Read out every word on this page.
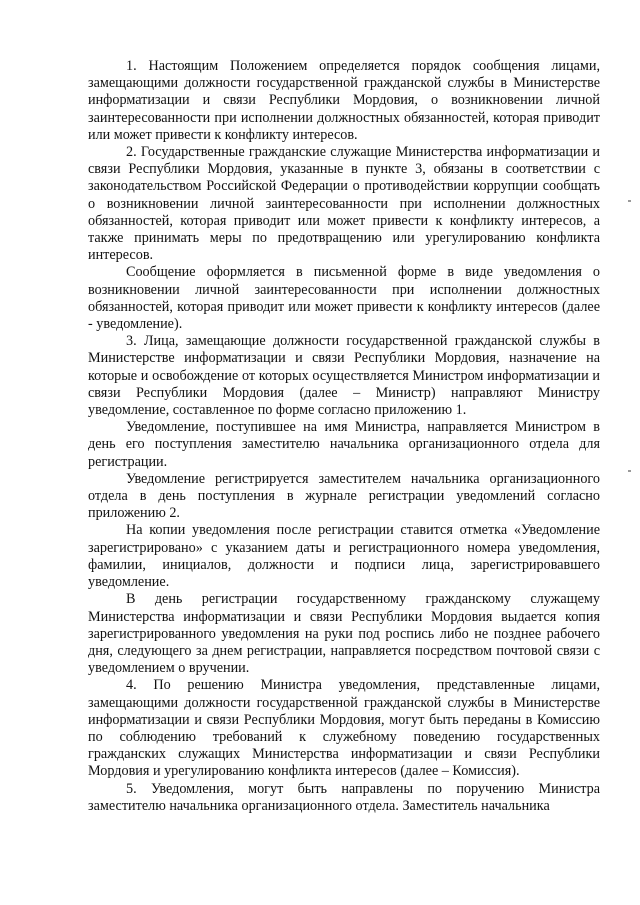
1. Настоящим Положением определяется порядок сообщения лицами, замещающими должности государственной гражданской службы в Министерстве информатизации и связи Республики Мордовия, о возникновении личной заинтересованности при исполнении должностных обязанностей, которая приводит или может привести к конфликту интересов.

2. Государственные гражданские служащие Министерства информатизации и связи Республики Мордовия, указанные в пункте 3, обязаны в соответствии с законодательством Российской Федерации о противодействии коррупции сообщать о возникновении личной заинтересованности при исполнении должностных обязанностей, которая приводит или может привести к конфликту интересов, а также принимать меры по предотвращению или урегулированию конфликта интересов.

Сообщение оформляется в письменной форме в виде уведомления о возникновении личной заинтересованности при исполнении должностных обязанностей, которая приводит или может привести к конфликту интересов (далее - уведомление).

3. Лица, замещающие должности государственной гражданской службы в Министерстве информатизации и связи Республики Мордовия, назначение на которые и освобождение от которых осуществляется Министром информатизации и связи Республики Мордовия (далее – Министр) направляют Министру уведомление, составленное по форме согласно приложению 1.

Уведомление, поступившее на имя Министра, направляется Министром в день его поступления заместителю начальника организационного отдела для регистрации.

Уведомление регистрируется заместителем начальника организационного отдела в день поступления в журнале регистрации уведомлений согласно приложению 2.

На копии уведомления после регистрации ставится отметка «Уведомление зарегистрировано» с указанием даты и регистрационного номера уведомления, фамилии, инициалов, должности и подписи лица, зарегистрировавшего уведомление.

В день регистрации государственному гражданскому служащему Министерства информатизации и связи Республики Мордовия выдается копия зарегистрированного уведомления на руки под роспись либо не позднее рабочего дня, следующего за днем регистрации, направляется посредством почтовой связи с уведомлением о вручении.

4. По решению Министра уведомления, представленные лицами, замещающими должности государственной гражданской службы в Министерстве информатизации и связи Республики Мордовия, могут быть переданы в Комиссию по соблюдению требований к служебному поведению государственных гражданских служащих Министерства информатизации и связи Республики Мордовия и урегулированию конфликта интересов (далее – Комиссия).

5. Уведомления, могут быть направлены по поручению Министра заместителю начальника организационного отдела. Заместитель начальника
